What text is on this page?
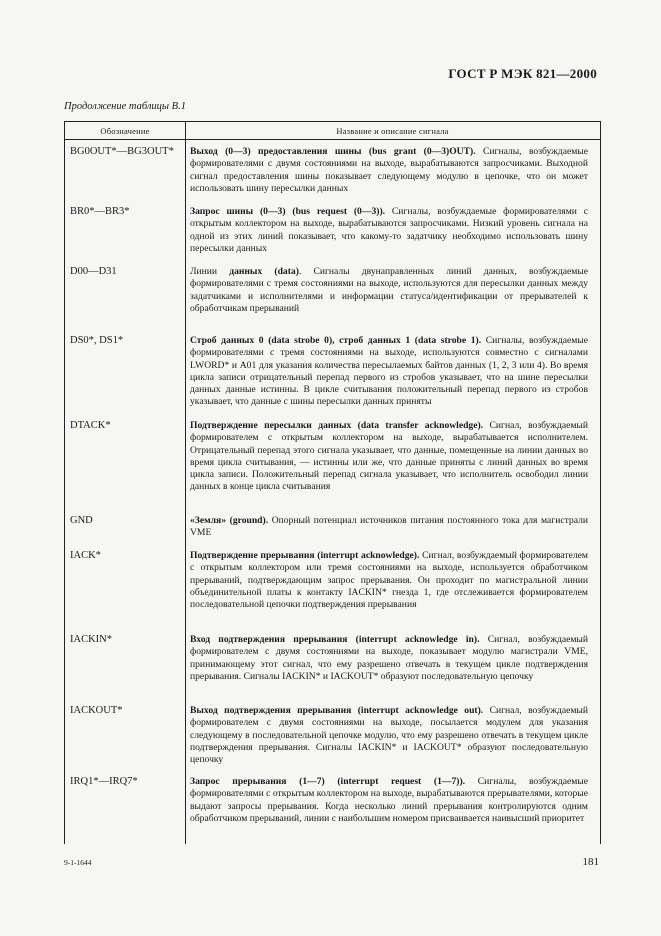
ГОСТ Р МЭК 821—2000
Продолжение таблицы В.1
Обозначение	Название и описание сигнала
BG0OUT*—BG3OUT*	Выход (0—3) предоставления шины (bus grant (0—3)OUT). Сигналы, возбуждаемые формирователями с двумя состояниями на выходе, вырабатываются запросчиками. Выходной сигнал предоставления шины показывает следующему модулю в цепочке, что он может использовать шину пересылки данных
BR0*—BR3*	Запрос шины (0—3) (bus request (0—3)). Сигналы, возбуждаемые формирователями с открытым коллектором на выходе, вырабатываются запросчиками. Низкий уровень сигнала на одной из этих линий показывает, что какому-то задатчику необходимо использовать шину пересылки данных
D00—D31	Линии данных (data). Сигналы двунаправленных линий данных, возбуждаемые формирователями с тремя состояниями на выходе, используются для пересылки данных между задатчиками и исполнителями и информации статуса/идентификации от прерывателей к обработчикам прерываний
DS0*, DS1*	Строб данных 0 (data strobe 0), строб данных 1 (data strobe 1). Сигналы, возбуждаемые формирователями с тремя состояниями на выходе, используются совместно с сигналами LWORD* и A01 для указания количества пересылаемых байтов данных (1, 2, 3 или 4). Во время цикла записи отрицательный перепад первого из стробов указывает, что на шине пересылки данных данные истинны. В цикле считывания положительный перепад первого из стробов указывает, что данные с шины пересылки данных приняты
DTACK*	Подтверждение пересылки данных (data transfer acknowledge). Сигнал, возбуждаемый формирователем с открытым коллектором на выходе, вырабатывается исполнителем. Отрицательный перепад этого сигнала указывает, что данные, помещенные на линии данных во время цикла считывания, — истинны или же, что данные приняты с линий данных во время цикла записи. Положительный перепад сигнала указывает, что исполнитель освободил линии данных в конце цикла считывания
GND	«Земля» (ground). Опорный потенциал источников питания постоянного тока для магистрали VME
IACK*	Подтверждение прерывания (interrupt acknowledge). Сигнал, возбуждаемый формирователем с открытым коллектором или тремя состояниями на выходе, используется обработчиком прерываний, подтверждающим запрос прерывания. Он проходит по магистральной линии объединительной платы к контакту IACKIN* гнезда 1, где отслеживается формирователем последовательной цепочки подтверждения прерывания
IACKIN*	Вход подтверждения прерывания (interrupt acknowledge in). Сигнал, возбуждаемый формирователем с двумя состояниями на выходе, показывает модулю магистрали VME, принимающему этот сигнал, что ему разрешено отвечать в текущем цикле подтверждения прерывания. Сигналы IACKIN* и IACKOUT* образуют последовательную цепочку
IACKOUT*	Выход подтверждения прерывания (interrupt acknowledge out). Сигнал, возбуждаемый формирователем с двумя состояниями на выходе, посылается модулем для указания следующему в последовательной цепочке модулю, что ему разрешено отвечать в текущем цикле подтверждения прерывания. Сигналы IACKIN* и IACKOUT* образуют последовательную цепочку
IRQ1*—IRQ7*	Запрос прерывания (1—7) (interrupt request (1—7)). Сигналы, возбуждаемые формирователями с открытым коллектором на выходе, вырабатываются прерывателями, которые выдают запросы прерывания. Когда несколько линий прерывания контролируются одним обработчиком прерываний, линии с наибольшим номером присваивается наивысший приоритет
9-1-1644	181
